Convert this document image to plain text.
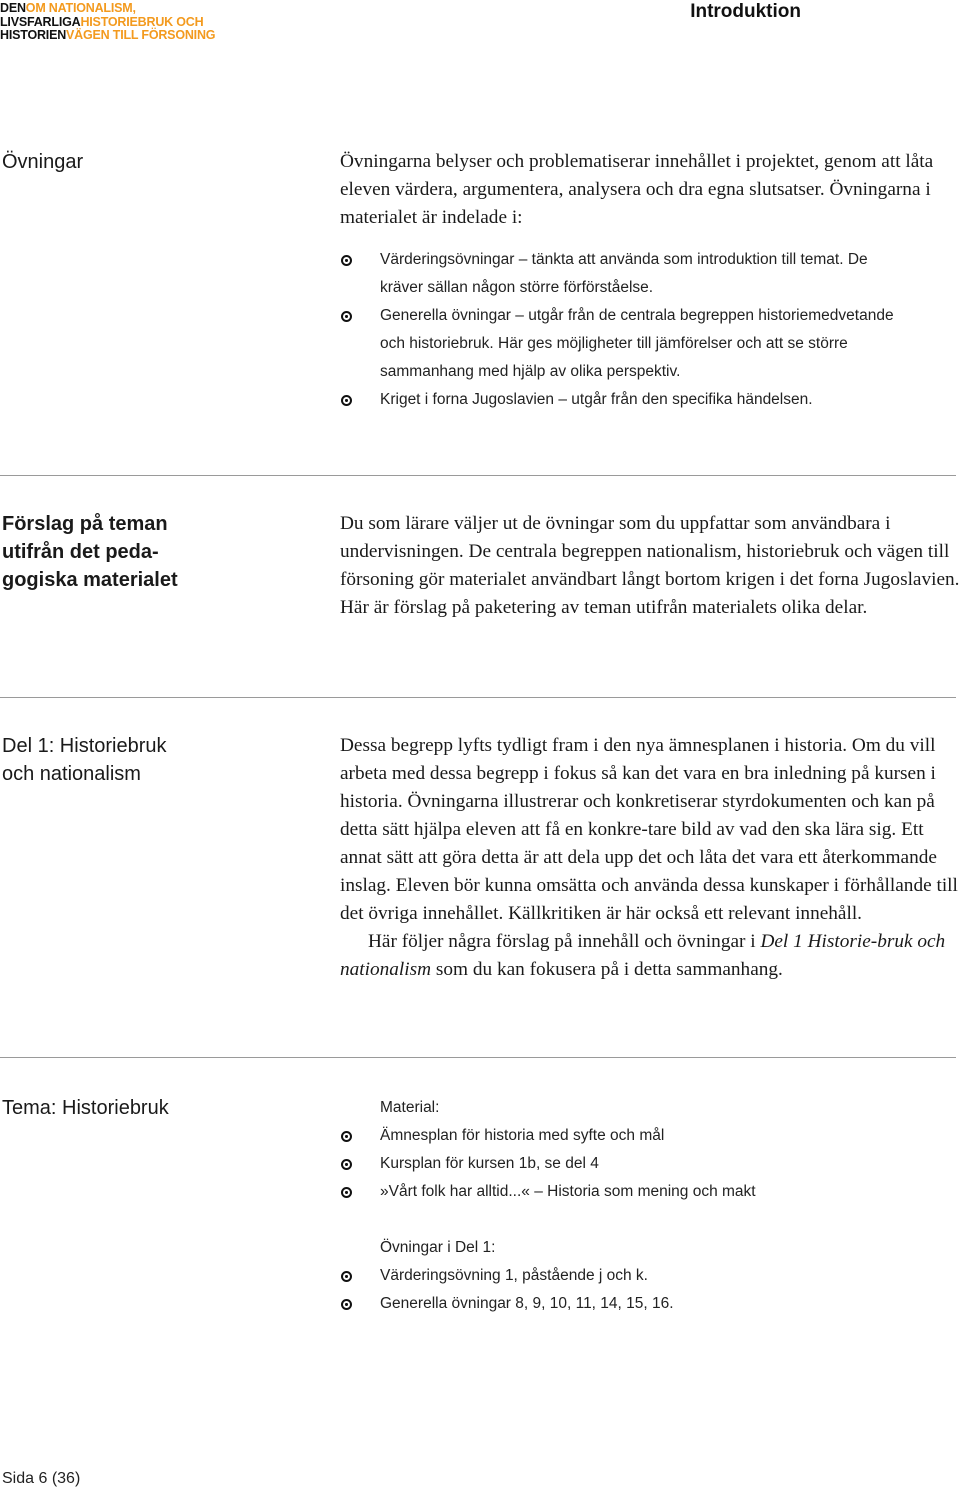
DENOM NATIONALISM,
LIVSFARLIGAHISTORIEBRUK OCH
HISTORIENVÄGEN TILL FÖRSONING
Introduktion
Övningar	Övningarna belyser och problematiserar innehållet i projektet, genom att låta eleven värdera, argumentera, analysera och dra egna slutsatser. Övningarna i materialet är indelade i:

Värderingsövningar – tänkta att använda som introduktion till temat. De kräver sällan någon större förförståelse.
Generella övningar – utgår från de centrala begreppen historiemedvetande och historiebruk. Här ges möjligheter till jämförelser och att se större sammanhang med hjälp av olika perspektiv.
Kriget i forna Jugoslavien – utgår från den specifika händelsen.
Förslag på teman utifrån det peda-gogiska materialet

Du som lärare väljer ut de övningar som du uppfattar som användbara i undervisningen. De centrala begreppen nationalism, historiebruk och vägen till försoning gör materialet användbart långt bortom krigen i det forna Jugoslavien. Här är förslag på paketering av teman utifrån materialets olika delar.

Del 1: Historiebruk och nationalism

Dessa begrepp lyfts tydligt fram i den nya ämnesplanen i historia. Om du vill arbeta med dessa begrepp i fokus så kan det vara en bra inledning på kursen i historia. Övningarna illustrerar och konkretiserar styrdokumenten och kan på detta sätt hjälpa eleven att få en konkre-tare bild av vad den ska lära sig. Ett annat sätt att göra detta är att dela upp det och låta det vara ett återkommande inslag. Eleven bör kunna omsätta och använda dessa kunskaper i förhållande till det övriga innehållet. Källkritiken är här också ett relevant innehåll.

Här följer några förslag på innehåll och övningar i Del 1 Historie-bruk och nationalism som du kan fokusera på i detta sammanhang.

Tema: Historiebruk	Material:
Ämnesplan för historia med syfte och mål
Kursplan för kursen 1b, se del 4
»Vårt folk har alltid...« – Historia som mening och makt
Övningar i Del 1:
Värderingsövning 1, påstående j och k.
Generella övningar 8, 9, 10, 11, 14, 15, 16.
Sida 6 (36)
